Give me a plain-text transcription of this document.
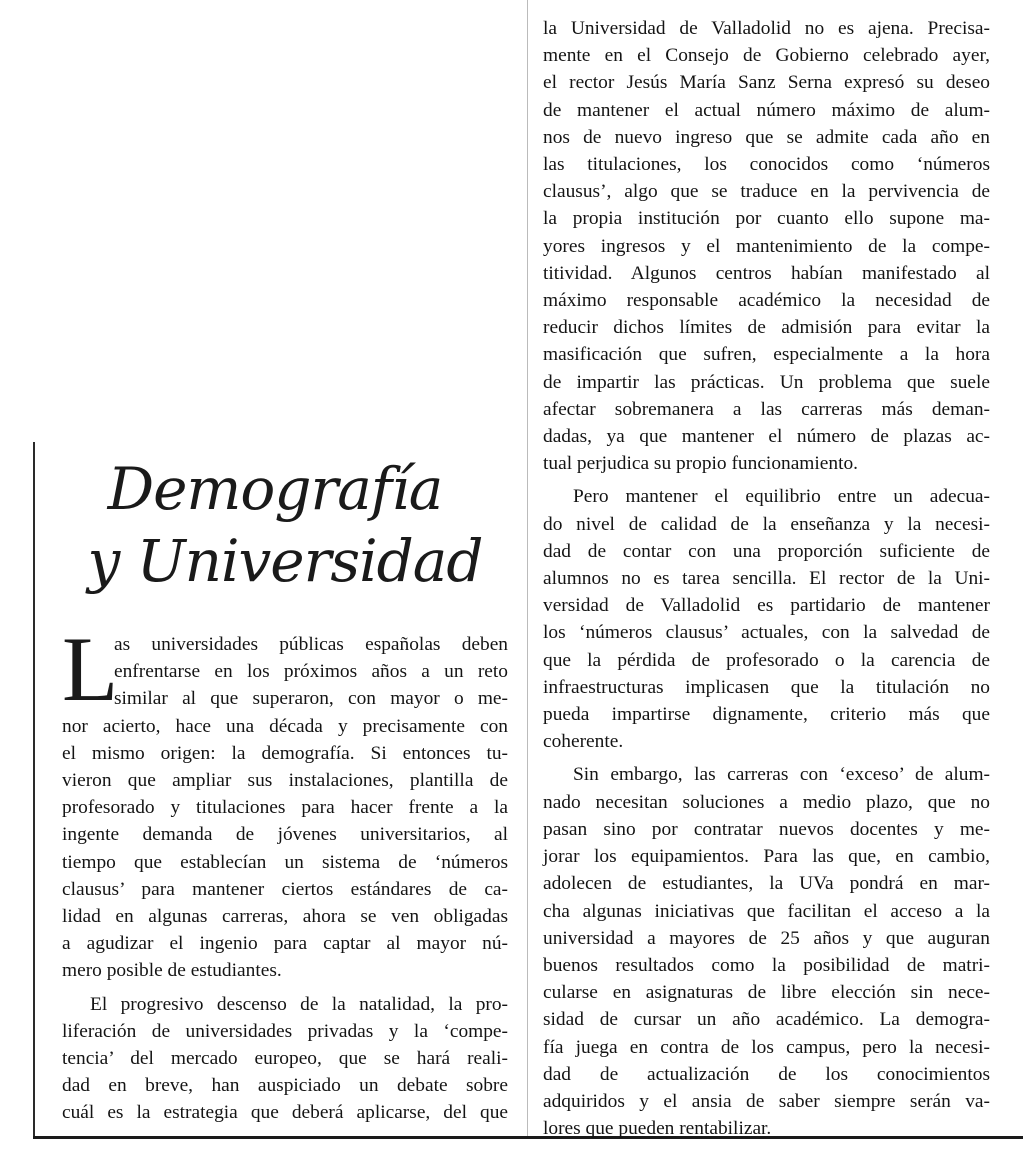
Demografía
y Universidad
L
as universidades públicas españolas deben
enfrentarse en los próximos años a un reto
similar al que superaron, con mayor o me-
nor acierto, hace una década y precisamente con
el mismo origen: la demografía. Si entonces tu-
vieron que ampliar sus instalaciones, plantilla de
profesorado y titulaciones para hacer frente a la
ingente demanda de jóvenes universitarios, al
tiempo que establecían un sistema de ‘números
clausus’ para mantener ciertos estándares de ca-
lidad en algunas carreras, ahora se ven obligadas
a agudizar el ingenio para captar al mayor nú-
mero posible de estudiantes.
El progresivo descenso de la natalidad, la pro-
liferación de universidades privadas y la ‘compe-
tencia’ del mercado europeo, que se hará reali-
dad en breve, han auspiciado un debate sobre
cuál es la estrategia que deberá aplicarse, del que
la Universidad de Valladolid no es ajena. Precisa-
mente en el Consejo de Gobierno celebrado ayer,
el rector Jesús María Sanz Serna expresó su deseo
de mantener el actual número máximo de alum-
nos de nuevo ingreso que se admite cada año en
las titulaciones, los conocidos como ‘números
clausus’, algo que se traduce en la pervivencia de
la propia institución por cuanto ello supone ma-
yores ingresos y el mantenimiento de la compe-
titividad. Algunos centros habían manifestado al
máximo responsable académico la necesidad de
reducir dichos límites de admisión para evitar la
masificación que sufren, especialmente a la hora
de impartir las prácticas. Un problema que suele
afectar sobremanera a las carreras más deman-
dadas, ya que mantener el número de plazas ac-
tual perjudica su propio funcionamiento.
Pero mantener el equilibrio entre un adecua-
do nivel de calidad de la enseñanza y la necesi-
dad de contar con una proporción suficiente de
alumnos no es tarea sencilla. El rector de la Uni-
versidad de Valladolid es partidario de mantener
los ‘números clausus’ actuales, con la salvedad de
que la pérdida de profesorado o la carencia de
infraestructuras implicasen que la titulación no
pueda impartirse dignamente, criterio más que
coherente.
Sin embargo, las carreras con ‘exceso’ de alum-
nado necesitan soluciones a medio plazo, que no
pasan sino por contratar nuevos docentes y me-
jorar los equipamientos. Para las que, en cambio,
adolecen de estudiantes, la UVa pondrá en mar-
cha algunas iniciativas que facilitan el acceso a la
universidad a mayores de 25 años y que auguran
buenos resultados como la posibilidad de matri-
cularse en asignaturas de libre elección sin nece-
sidad de cursar un año académico. La demogra-
fía juega en contra de los campus, pero la necesi-
dad de actualización de los conocimientos
adquiridos y el ansia de saber siempre serán va-
lores que pueden rentabilizar.
